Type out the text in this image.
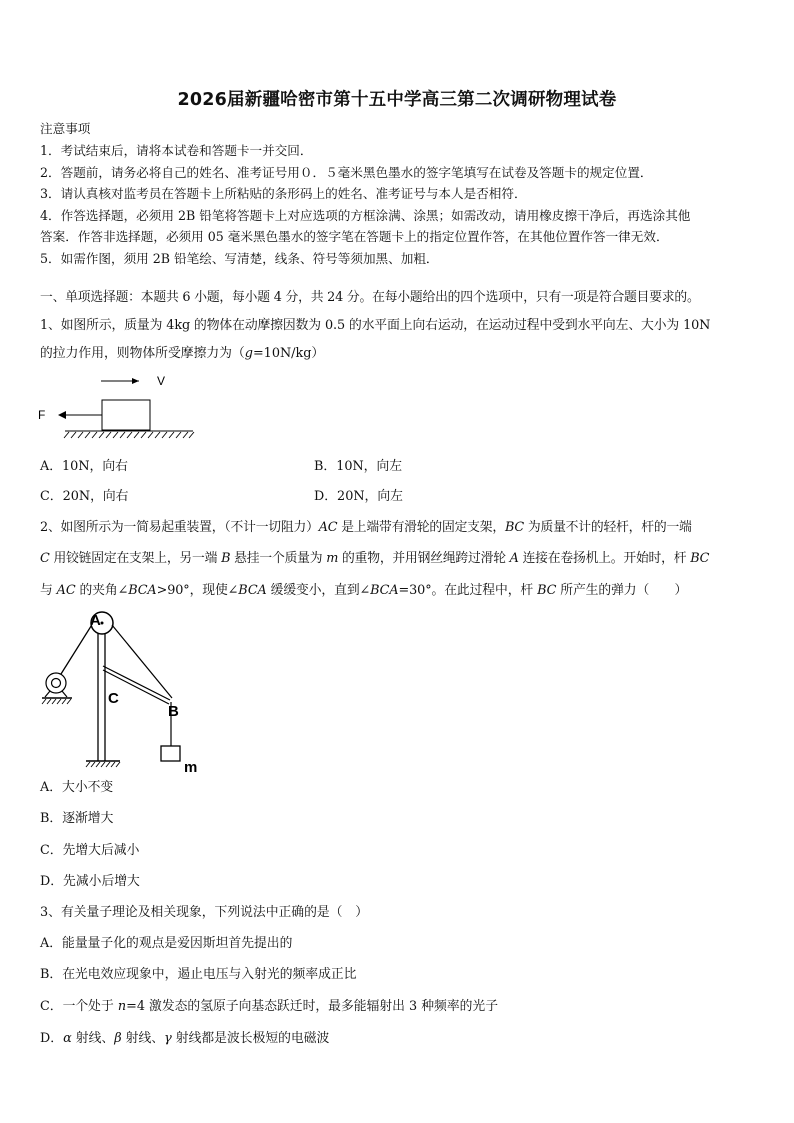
2026届新疆哈密市第十五中学高三第二次调研物理试卷
注意事项
1．考试结束后，请将本试卷和答题卡一并交回．
2．答题前，请务必将自己的姓名、准考证号用０．５毫米黑色墨水的签字笔填写在试卷及答题卡的规定位置．
3．请认真核对监考员在答题卡上所粘贴的条形码上的姓名、准考证号与本人是否相符．
4．作答选择题，必须用 2B 铅笔将答题卡上对应选项的方框涂满、涂黑；如需改动，请用橡皮擦干净后，再选涂其他
答案．作答非选择题，必须用 05 毫米黑色墨水的签字笔在答题卡上的指定位置作答，在其他位置作答一律无效．
5．如需作图，须用 2B 铅笔绘、写清楚，线条、符号等须加黑、加粗．
一、单项选择题：本题共 6 小题，每小题 4 分，共 24 分。在每小题给出的四个选项中，只有一项是符合题目要求的。
1、如图所示，质量为 4kg 的物体在动摩擦因数为 0.5 的水平面上向右运动，在运动过程中受到水平向左、大小为 10N
的拉力作用，则物体所受摩擦力为（g=10N/kg）
V
F
A．10N，向右	B．10N，向左
C．20N，向右	D．20N，向左
2、如图所示为一简易起重装置，（不计一切阻力）AC 是上端带有滑轮的固定支架，BC 为质量不计的轻杆，杆的一端
C 用铰链固定在支架上，另一端 B 悬挂一个质量为 m 的重物，并用钢丝绳跨过滑轮 A 连接在卷扬机上。开始时，杆 BC
与 AC 的夹角∠BCA>90°，现使∠BCA 缓缓变小，直到∠BCA=30°。在此过程中，杆 BC 所产生的弹力（　　）
A
C
B
m
A．大小不变
B．逐渐增大
C．先增大后减小
D．先减小后增大
3、有关量子理论及相关现象，下列说法中正确的是（　）
A．能量量子化的观点是爱因斯坦首先提出的
B．在光电效应现象中，遏止电压与入射光的频率成正比
C．一个处于 n=4 激发态的氢原子向基态跃迁时，最多能辐射出 3 种频率的光子
D．α 射线、β 射线、γ 射线都是波长极短的电磁波
